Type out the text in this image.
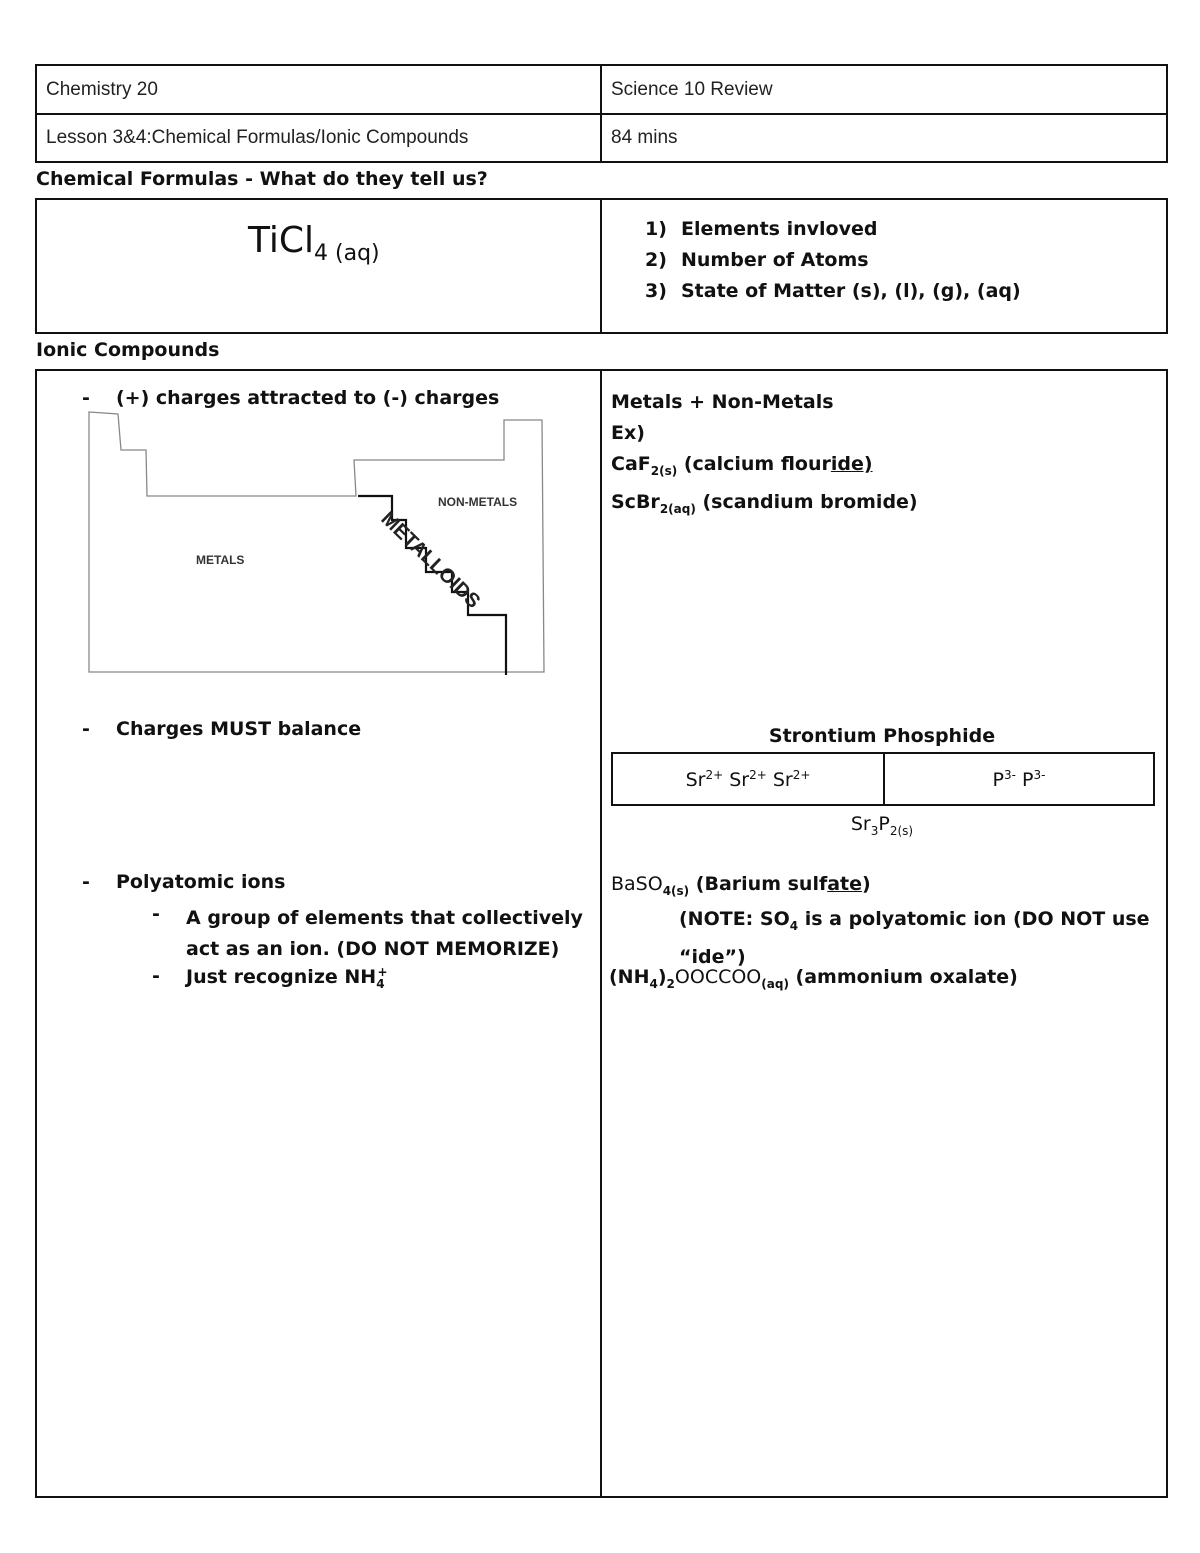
Chemistry 20	Science 10 Review
Lesson 3&4:Chemical Formulas/Ionic Compounds	84 mins
Chemical Formulas - What do they tell us?
TiCl$_{4 (aq)}$
1) Elements invloved
2) Number of Atoms
3) State of Matter (s), (l), (g), (aq)
Ionic Compounds
- (+) charges attracted to (-) charges
METALS
NON-METALS
METALLOIDS
- Charges MUST balance
- Polyatomic ions
- A group of elements that collectively
act as an ion. (DO NOT MEMORIZE)
- Just recognize $NH_4^+$
Metals + Non-Metals
Ex)
CaF$_{2(s)}$ (calcium flouride)
ScBr$_{2(aq)}$ (scandium bromide)
Strontium Phosphide
$Sr^{2+}$ $Sr^{2+}$ $Sr^{2+}$	$P^{3-}$ $P^{3-}$
$Sr_3P_{2(s)}$
BaSO$_{4(s)}$ (Barium sulfate)
(NOTE: $SO_4$ is a polyatomic ion (DO NOT use
“ide”)
$(NH_4)_2OOCCOO_{(aq)}$ (ammonium oxalate)
